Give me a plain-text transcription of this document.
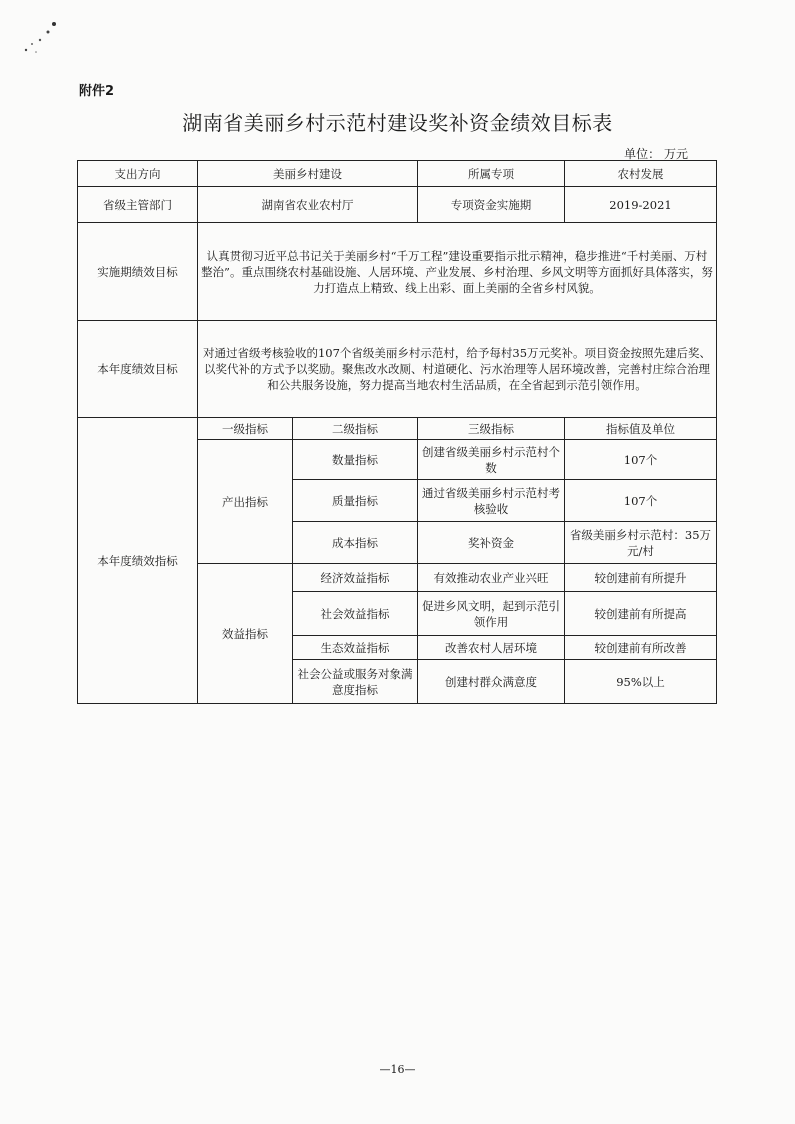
附件2
湖南省美丽乡村示范村建设奖补资金绩效目标表
单位： 万元
支出方向	美丽乡村建设		所属专项	农村发展
省级主管部门	湖南省农业农村厅		专项资金实施期	2019-2021
实施期绩效目标	认真贯彻习近平总书记关于美丽乡村“千万工程”建设重要指示批示精神，稳步推进“千村美丽、万村整治”。重点围绕农村基础设施、人居环境、产业发展、乡村治理、乡风文明等方面抓好具体落实，努力打造点上精致、线上出彩、面上美丽的全省乡村风貌。			
本年度绩效目标	对通过省级考核验收的107个省级美丽乡村示范村，给予每村35万元奖补。项目资金按照先建后奖、以奖代补的方式予以奖励。聚焦改水改厕、村道硬化、污水治理等人居环境改善，完善村庄综合治理和公共服务设施，努力提高当地农村生活品质，在全省起到示范引领作用。			
本年度绩效指标	一级指标	二级指标	三级指标	指标值及单位
	产出指标	数量指标	创建省级美丽乡村示范村个数	107个
		质量指标	通过省级美丽乡村示范村考核验收	107个
		成本指标	奖补资金	省级美丽乡村示范村：35万元/村
	效益指标	经济效益指标	有效推动农业产业兴旺	较创建前有所提升
		社会效益指标	促进乡风文明，起到示范引领作用	较创建前有所提高
		生态效益指标	改善农村人居环境	较创建前有所改善
		社会公益或服务对象满意度指标	创建村群众满意度	95%以上
—16—
